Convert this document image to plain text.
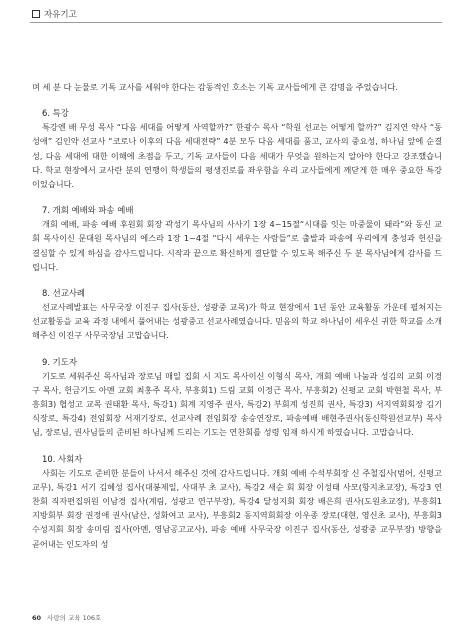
자유기고

며 세 분 다 눈물로 기독 교사를 세워야 한다는 감동적인 호소는 기독 교사들에게 큰 감명을 주었습니다.

6. 특강

특강엔 배 무성 목사 “다음 세대를 어떻게 사역할까?” 한광수 목사 “학원 선교는 어떻게 할까?” 김지연 약사 “동성애” 김인약 선교사 “코로나 이후의 다음 세대전략” 4분 모두 다음 세대를 품고, 교사의 중요성, 하나님 앞에 순결성, 다음 세대에 대한 이해에 초점을 두고, 기독 교사들이 다음 세대가 무엇을 원하는지 알아야 한다고 강조했습니다. 학교 현장에서 교사란 분의 연행이 학생들의 평생진로를 좌우함을 우리 교사들에게 깨닫게 한 매우 중요한 특강이었습니다.

7. 개회 예배와 파송 예배

개회 예배, 파송 예배 후원회 회장 곽성기 목사님의 사사기 1장 4~15절“시대를 잇는 마중물이 돼라”와 동신 교회 목사이신 문대원 목사님의 에스라 1장 1~4절 “다시 세우는 사람들”로 출발과 파송에 우리에게 충성과 헌신을 결심할 수 있게 하심을 감사드립니다. 시작과 끝으로 확신하게 결단할 수 있도록 해주신 두 분 목사님에게 감사를 드립니다.

8. 선교사례

선교사례발표는 사무국장 이진구 집사(동산, 성광중 교목)가 학교 현장에서 1년 동안 교육활동 가운데 펼쳐지는 선교활동을 교육 과정 내에서 풀어내는 성광중고 선교사례였습니다. 믿음의 학교 하나님이 세우신 귀한 학교를 소개해주신 이진구 사무국장님 고맙습니다.

9. 기도자

기도로 세워주신 목사님과 장로님 매일 집회 시 지도 목사이신 이형식 목사, 개회 예배 나눔과 성김의 교회 이경구 목사, 헌금기도 아멘 교회 최홍주 목사, 부흥회1) 드림 교회 이정근 목사, 부흥회2) 신평교 교회 박현철 목사, 부흥회3) 협성고 교목 권태환 목사, 특강1) 회계 지영주 권사, 특강2) 부회계 성진희 권사, 특강3) 서지역회회장 김기식장로, 특강4) 전임회장 서재기장로, 선교사례 전임회장 송승연장로, 파송예배 배현주권사(동신학원선교부) 목사님, 장로님, 권사님들의 준비된 하나님께 드리는 기도는 연찬회를 성령 임재 하시게 하였습니다. 고맙습니다.

10. 사회자

사회는 기도로 준비한 분들이 나서서 해주신 것에 감사드립니다. 개회 예배 수석부회장 신 주철집사(범어, 신평고 교무), 특강1 서기 김혜성 집사(대봉제일, 사대부 초 교사), 특강2 새순 회 회장 이성태 사모(항지초교장), 특강3 연찬회 직자편집위원 이남경 집사(계림, 성광고 연구부장), 특강4 달성지회 회장 배은희 권사(도원초교장), 부흥회1 지방회부 회장 권정애 권사(남산, 성화여고 교사), 부흥회2 동지역회회장 이우종 장로(대현, 영신초 교사), 부흥회3 수성지회 회장 송미림 집사(아멘, 영남공고교사), 파송 예배 사무국장 이진구 집사(동산, 성광중 교무부장) 방향을 곧어내는 인도자의 성

60 사랑의 교육 106호
